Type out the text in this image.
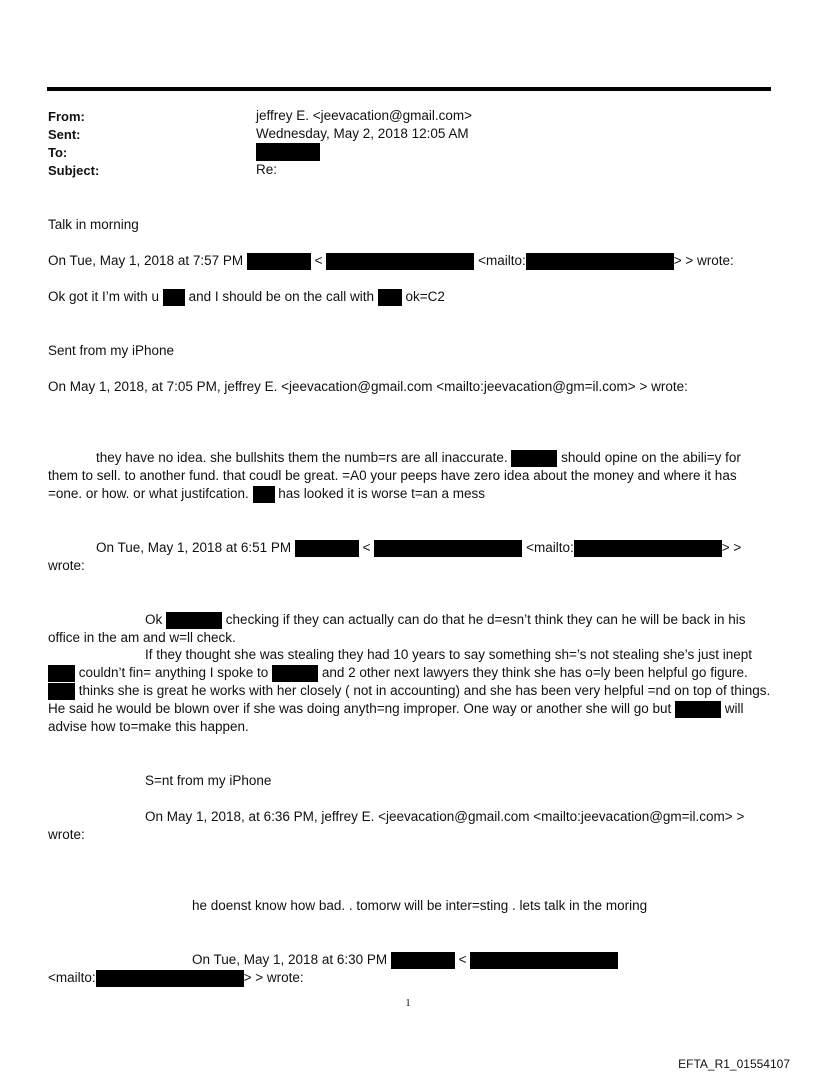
From:	jeffrey E. <jeevacation@gmail.com>
Sent:	Wednesday, May 2, 2018 12:05 AM
To:
Subject:	Re:
Talk in morning
On Tue, May 1, 2018 at 7:57 PM	<	<mailto:	> > wrote:
Ok got it I’m with u and I should be on the call with ok=C2
Sent from my iPhone
On May 1, 2018, at 7:05 PM, jeffrey E. <jeevacation@gmail.com <mailto:jeevacation@gm=il.com> > wrote:
they have no idea. she bullshits them the numb=rs are all inaccurate.	should opine on the abili=y for
them to sell. to another fund. that coudl be great. =A0 your peeps have zero idea about the money and where it has
=one. or how. or what justifcation. has looked it is worse t=an a mess
On Tue, May 1, 2018 at 6:51 PM	<	<mailto:	> >
wrote:
Ok	checking if they can actually can do that he d=esn’t think they can he will be back in his
office in the am and w=ll check.
If they thought she was stealing they had 10 years to say something sh=’s not stealing she’s just inept
couldn’t fin= anything I spoke to	and 2 other next lawyers they think she has o=ly been helpful go figure.
thinks she is great he works with her closely ( not in accounting) and she has been very helpful =nd on top of things.
He said he would be blown over if she was doing anyth=ng improper. One way or another she will go but	will
advise how to=make this happen.
S=nt from my iPhone
On May 1, 2018, at 6:36 PM, jeffrey E. <jeevacation@gmail.com <mailto:jeevacation@gm=il.com> >
wrote:
he doenst know how bad. . tomorw will be inter=sting . lets talk in the moring
On Tue, May 1, 2018 at 6:30 PM	<
<mailto:	> > wrote:
1
EFTA_R1_01554107
